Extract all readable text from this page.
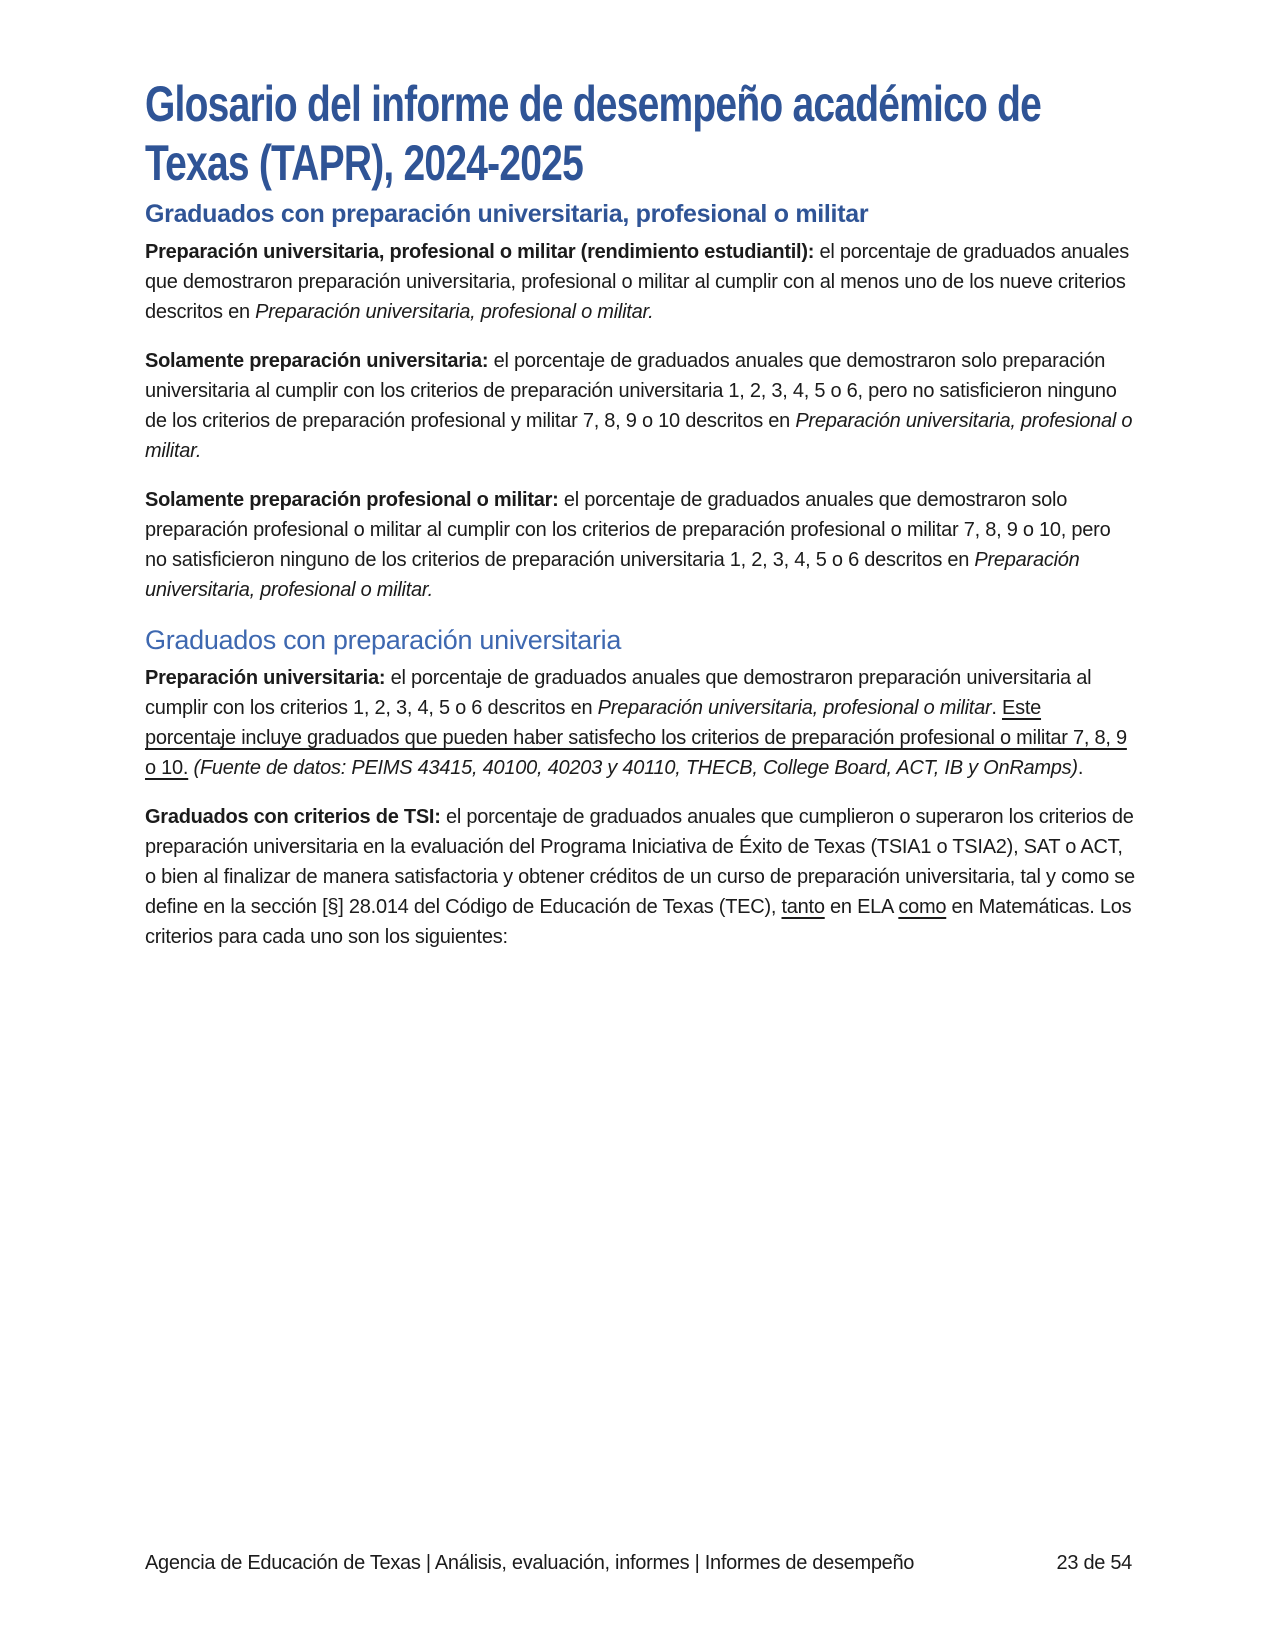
Glosario del informe de desempeño académico de
Texas (TAPR), 2024-2025
Graduados con preparación universitaria, profesional o militar

Preparación universitaria, profesional o militar (rendimiento estudiantil): el porcentaje de graduados anuales que demostraron preparación universitaria, profesional o militar al cumplir con al menos uno de los nueve criterios descritos en Preparación universitaria, profesional o militar.

Solamente preparación universitaria: el porcentaje de graduados anuales que demostraron solo preparación universitaria al cumplir con los criterios de preparación universitaria 1, 2, 3, 4, 5 o 6, pero no satisficieron ninguno de los criterios de preparación profesional y militar 7, 8, 9 o 10 descritos en Preparación universitaria, profesional o militar.

Solamente preparación profesional o militar: el porcentaje de graduados anuales que demostraron solo preparación profesional o militar al cumplir con los criterios de preparación profesional o militar 7, 8, 9 o 10, pero no satisficieron ninguno de los criterios de preparación universitaria 1, 2, 3, 4, 5 o 6 descritos en Preparación universitaria, profesional o militar.

Graduados con preparación universitaria

Preparación universitaria: el porcentaje de graduados anuales que demostraron preparación universitaria al cumplir con los criterios 1, 2, 3, 4, 5 o 6 descritos en Preparación universitaria, profesional o militar. Este porcentaje incluye graduados que pueden haber satisfecho los criterios de preparación profesional o militar 7, 8, 9 o 10. (Fuente de datos: PEIMS 43415, 40100, 40203 y 40110, THECB, College Board, ACT, IB y OnRamps).

Graduados con criterios de TSI: el porcentaje de graduados anuales que cumplieron o superaron los criterios de preparación universitaria en la evaluación del Programa Iniciativa de Éxito de Texas (TSIA1 o TSIA2), SAT o ACT, o bien al finalizar de manera satisfactoria y obtener créditos de un curso de preparación universitaria, tal y como se define en la sección [§] 28.014 del Código de Educación de Texas (TEC), tanto en ELA como en Matemáticas. Los criterios para cada uno son los siguientes:

Agencia de Educación de Texas | Análisis, evaluación, informes | Informes de desempeño	23 de 54
